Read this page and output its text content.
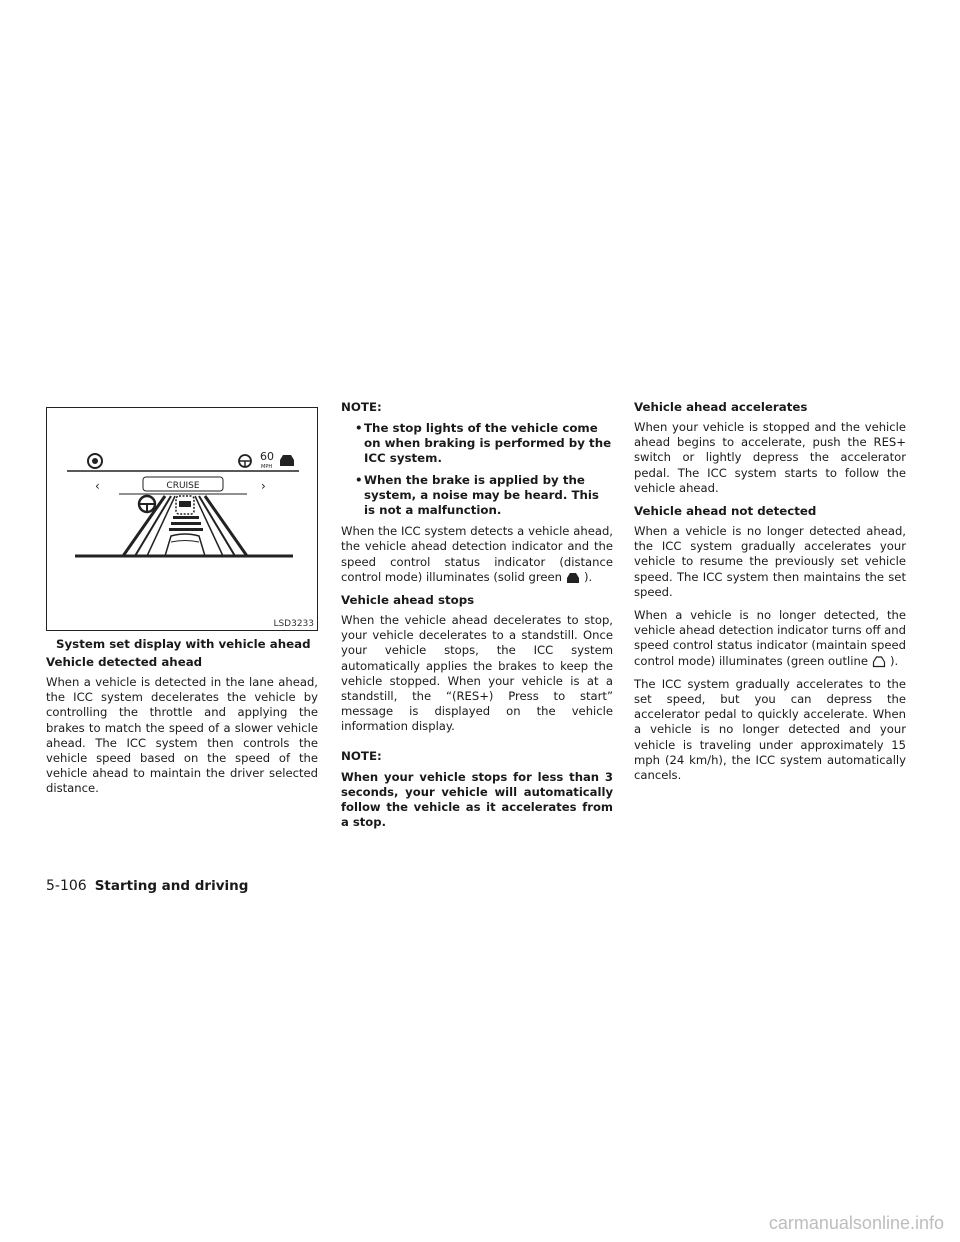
60
MPH
CRUISE
‹	›
LSD3233
System set display with vehicle ahead
Vehicle detected ahead

When a vehicle is detected in the lane ahead, the ICC system decelerates the vehicle by controlling the throttle and applying the brakes to match the speed of a slower vehicle ahead. The ICC system then controls the vehicle speed based on the speed of the vehicle ahead to maintain the driver selected distance.

NOTE:
• The stop lights of the vehicle come on when braking is performed by the ICC system.
• When the brake is applied by the system, a noise may be heard. This is not a malfunction.

When the ICC system detects a vehicle ahead, the vehicle ahead detection indicator and the speed control status indicator (distance control mode) illuminates (solid green ).

Vehicle ahead stops

When the vehicle ahead decelerates to stop, your vehicle decelerates to a standstill. Once your vehicle stops, the ICC system automatically applies the brakes to keep the vehicle stopped. When your vehicle is at a standstill, the “(RES+) Press to start” message is displayed on the vehicle information display.

NOTE:

When your vehicle stops for less than 3 seconds, your vehicle will automatically follow the vehicle as it accelerates from a stop.

Vehicle ahead accelerates

When your vehicle is stopped and the vehicle ahead begins to accelerate, push the RES+ switch or lightly depress the accelerator pedal. The ICC system starts to follow the vehicle ahead.

Vehicle ahead not detected

When a vehicle is no longer detected ahead, the ICC system gradually accelerates your vehicle to resume the previously set vehicle speed. The ICC system then maintains the set speed.

When a vehicle is no longer detected, the vehicle ahead detection indicator turns off and speed control status indicator (maintain speed control mode) illuminates (green outline ).

The ICC system gradually accelerates to the set speed, but you can depress the accelerator pedal to quickly accelerate. When a vehicle is no longer detected and your vehicle is traveling under approximately 15 mph (24 km/h), the ICC system automatically cancels.

5-106 Starting and driving
carmanualsonline.info
